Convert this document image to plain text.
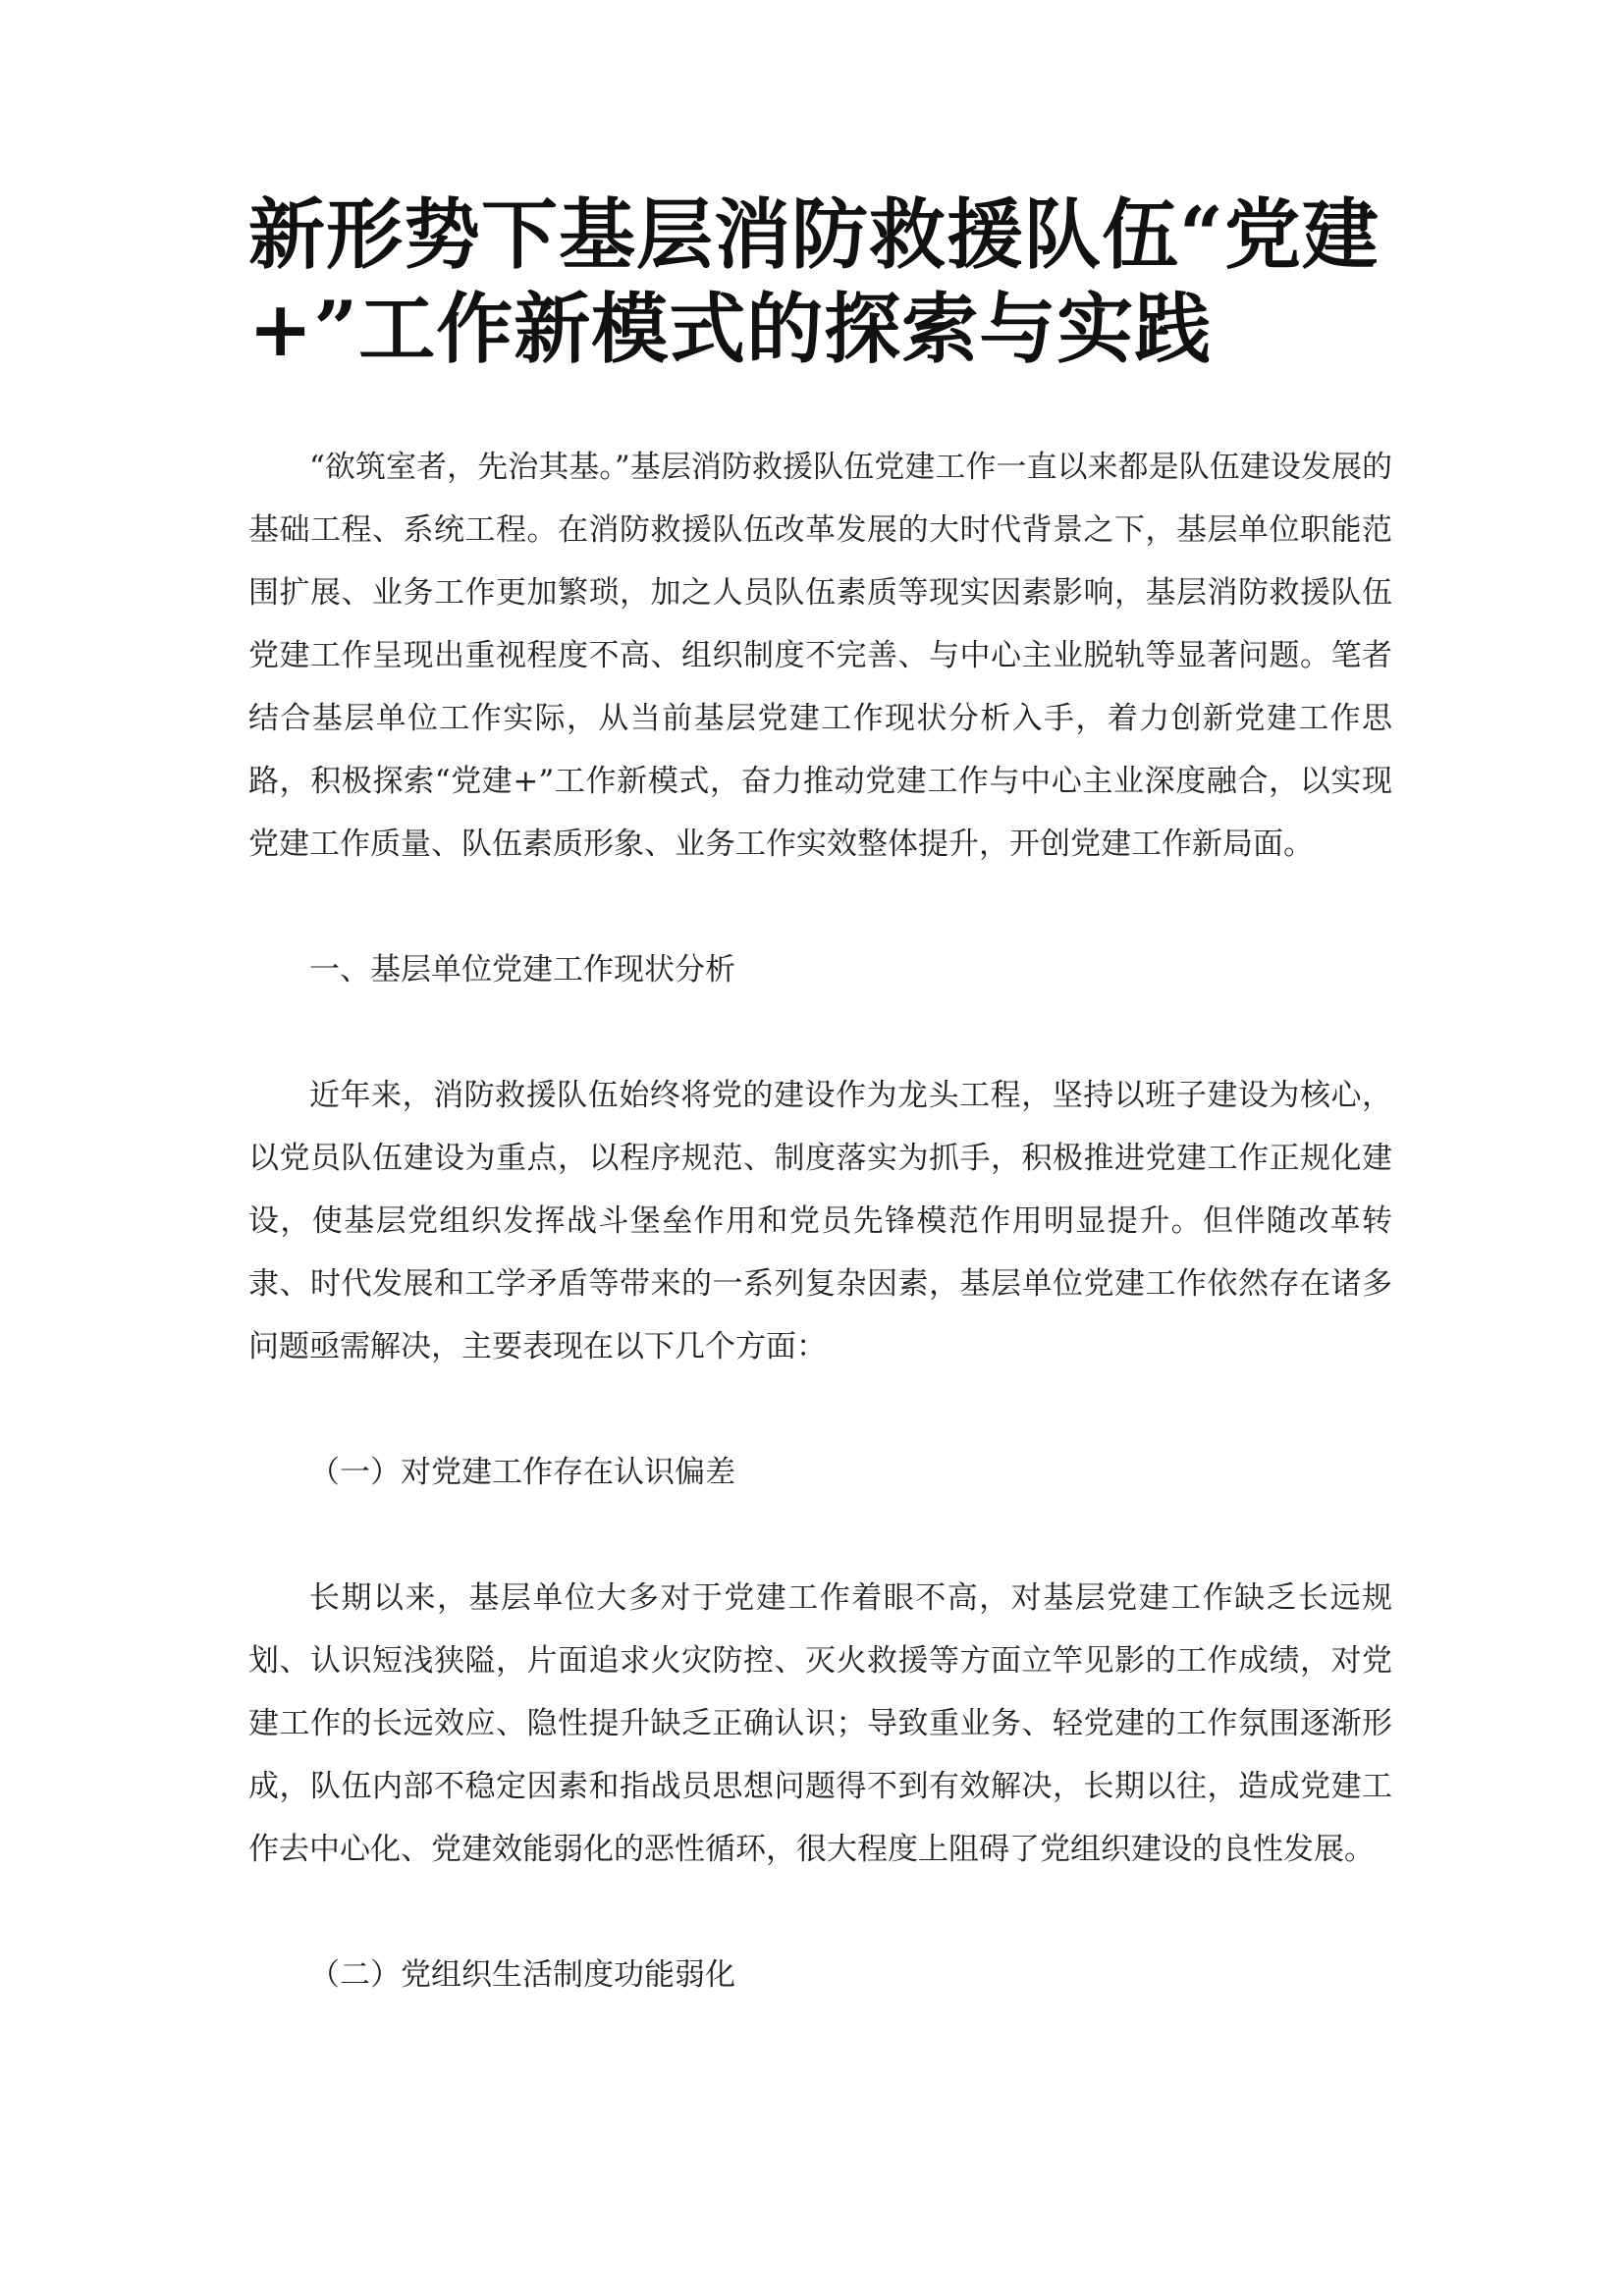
新形势下基层消防救援队伍“党建
+”工作新模式的探索与实践

“欲筑室者，先治其基。”基层消防救援队伍党建工作一直以来都是队伍建设发展的基础工程、系统工程。在消防救援队伍改革发展的大时代背景之下，基层单位职能范围扩展、业务工作更加繁琐，加之人员队伍素质等现实因素影响，基层消防救援队伍党建工作呈现出重视程度不高、组织制度不完善、与中心主业脱轨等显著问题。笔者结合基层单位工作实际，从当前基层党建工作现状分析入手，着力创新党建工作思路，积极探索“党建+”工作新模式，奋力推动党建工作与中心主业深度融合，以实现党建工作质量、队伍素质形象、业务工作实效整体提升，开创党建工作新局面。

一、基层单位党建工作现状分析

近年来，消防救援队伍始终将党的建设作为龙头工程，坚持以班子建设为核心，以党员队伍建设为重点，以程序规范、制度落实为抓手，积极推进党建工作正规化建设，使基层党组织发挥战斗堡垒作用和党员先锋模范作用明显提升。但伴随改革转隶、时代发展和工学矛盾等带来的一系列复杂因素，基层单位党建工作依然存在诸多问题亟需解决，主要表现在以下几个方面：

（一）对党建工作存在认识偏差

长期以来，基层单位大多对于党建工作着眼不高，对基层党建工作缺乏长远规划、认识短浅狭隘，片面追求火灾防控、灭火救援等方面立竿见影的工作成绩，对党建工作的长远效应、隐性提升缺乏正确认识；导致重业务、轻党建的工作氛围逐渐形成，队伍内部不稳定因素和指战员思想问题得不到有效解决，长期以往，造成党建工作去中心化、党建效能弱化的恶性循环，很大程度上阻碍了党组织建设的良性发展。

（二）党组织生活制度功能弱化
